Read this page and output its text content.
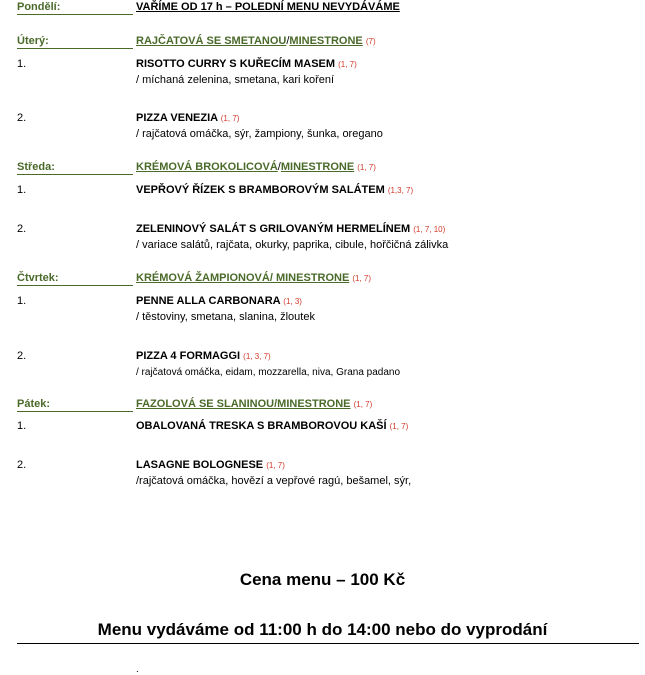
Pondělí:	VAŘÍME OD 17 h – POLEDNÍ MENU NEVYDÁVÁME
Úterý:	RAJČATOVÁ SE SMETANOU/MINESTRONE (7)
1.	RISOTTO CURRY S KUŘECÍM MASEM (1, 7)
/ míchaná zelenina, smetana, kari koření
2.	PIZZA VENEZIA (1, 7)
/ rajčatová omáčka, sýr, žampiony, šunka, oregano
Středa:	KRÉMOVÁ BROKOLICOVÁ/MINESTRONE (1, 7)
1.	VEPŘOVÝ ŘÍZEK S BRAMBOROVÝM SALÁTEM (1,3, 7)
2.	ZELENINOVÝ SALÁT S GRILOVANÝM HERMELÍNEM (1, 7, 10)
/ variace salátů, rajčata, okurky, paprika, cibule, hořčičná zálivka
Čtvrtek:	KRÉMOVÁ ŽAMPIONOVÁ/ MINESTRONE (1, 7)
1.	PENNE ALLA CARBONARA (1, 3)
/ těstoviny, smetana, slanina, žloutek
2.	PIZZA 4 FORMAGGI (1, 3, 7)
/ rajčatová omáčka, eidam, mozzarella, niva, Grana padano
Pátek:	FAZOLOVÁ SE SLANINOU/MINESTRONE (1, 7)
1.	OBALOVANÁ TRESKA S BRAMBOROVOU KAŠÍ (1, 7)
2.	LASAGNE BOLOGNESE (1, 7)
/rajčatová omáčka, hovězí a vepřové ragú, bešamel, sýr,
Cena menu – 100 Kč
Menu vydáváme od 11:00 h do 14:00 nebo do vyprodání
.
